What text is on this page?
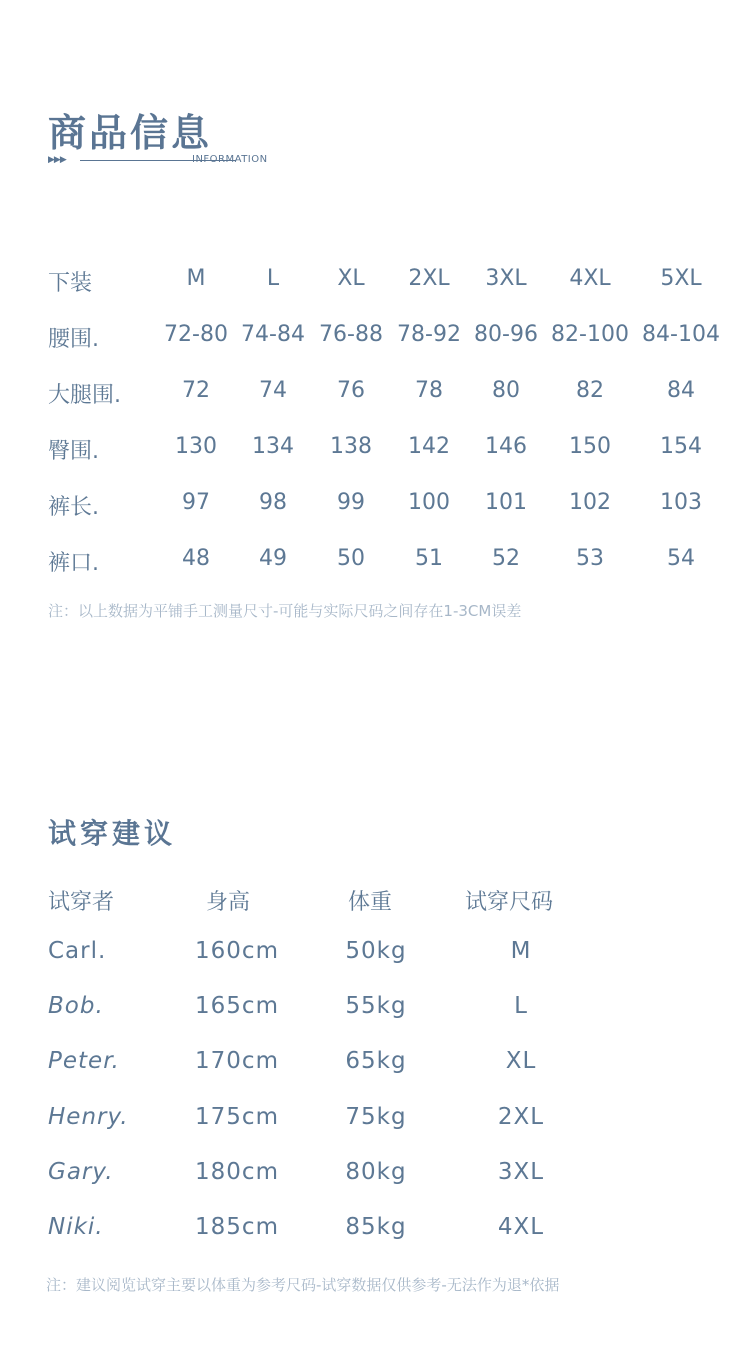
商品信息
▶▶▶	INFORMATION
下装	M	L	XL 2XL 3XL 4XL 5XL
腰围.	72-80 74-84 76-88 78-92 80-96 82-100 84-104
大腿围.	72 74 76 78 80	82	84
臀围.	130 134 138 142 146 150 154
裤长.	97 98 99 100 101 102 103
裤口.	48 49 50 51 52	53	54
注：以上数据为平铺手工测量尺寸-可能与实际尺码之间存在1-3CM误差
试穿建议
试穿者	身高	体重	试穿尺码
Carl.	160cm	50kg	M
Bob.	165cm	55kg	L
Peter.	170cm	65kg	XL
Henry.	175cm	75kg	2XL
Gary.	180cm	80kg	3XL
Niki.	185cm	85kg	4XL
注：建议阅览试穿主要以体重为参考尺码-试穿数据仅供参考-无法作为退*依据
